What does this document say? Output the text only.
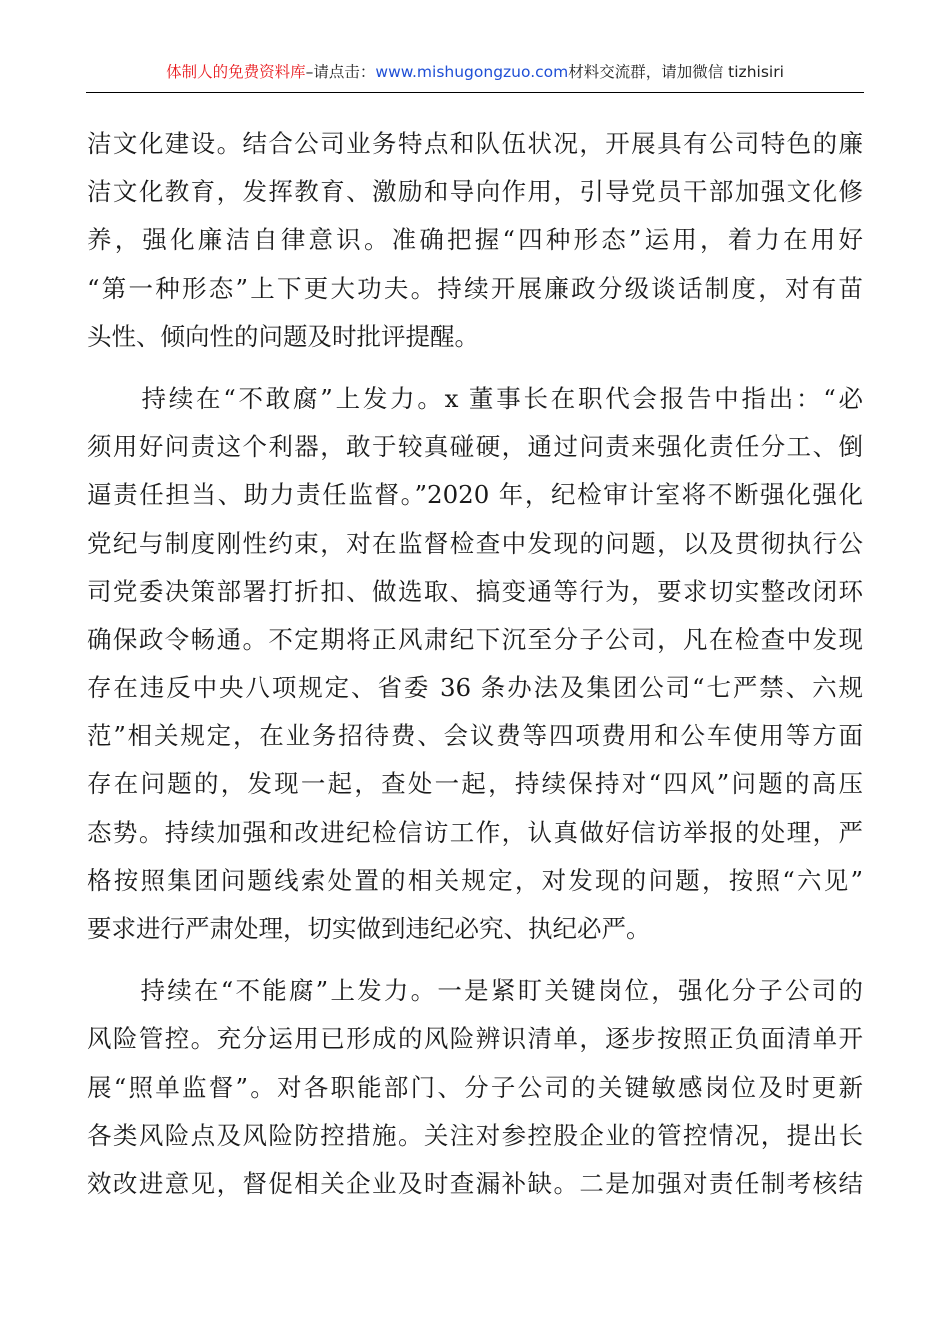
体制人的免费资料库–请点击：www.mishugongzuo.com材料交流群，请加微信 tizhisiri
洁文化建设。结合公司业务特点和队伍状况，开展具有公司特色的廉
洁文化教育，发挥教育、激励和导向作用，引导党员干部加强文化修
养，强化廉洁自律意识。准确把握“四种形态”运用，着力在用好
“第一种形态”上下更大功夫。持续开展廉政分级谈话制度，对有苗
头性、倾向性的问题及时批评提醒。
　　持续在“不敢腐”上发力。x 董事长在职代会报告中指出：“必
须用好问责这个利器，敢于较真碰硬，通过问责来强化责任分工、倒
逼责任担当、助力责任监督。”2020 年，纪检审计室将不断强化强化
党纪与制度刚性约束，对在监督检查中发现的问题，以及贯彻执行公
司党委决策部署打折扣、做选取、搞变通等行为，要求切实整改闭环
确保政令畅通。不定期将正风肃纪下沉至分子公司，凡在检查中发现
存在违反中央八项规定、省委 36 条办法及集团公司“七严禁、六规
范”相关规定，在业务招待费、会议费等四项费用和公车使用等方面
存在问题的，发现一起，查处一起，持续保持对“四风”问题的高压
态势。持续加强和改进纪检信访工作，认真做好信访举报的处理，严
格按照集团问题线索处置的相关规定，对发现的问题，按照“六见”
要求进行严肃处理，切实做到违纪必究、执纪必严。
　　持续在“不能腐”上发力。一是紧盯关键岗位，强化分子公司的
风险管控。充分运用已形成的风险辨识清单，逐步按照正负面清单开
展“照单监督”。对各职能部门、分子公司的关键敏感岗位及时更新
各类风险点及风险防控措施。关注对参控股企业的管控情况，提出长
效改进意见，督促相关企业及时查漏补缺。二是加强对责任制考核结
